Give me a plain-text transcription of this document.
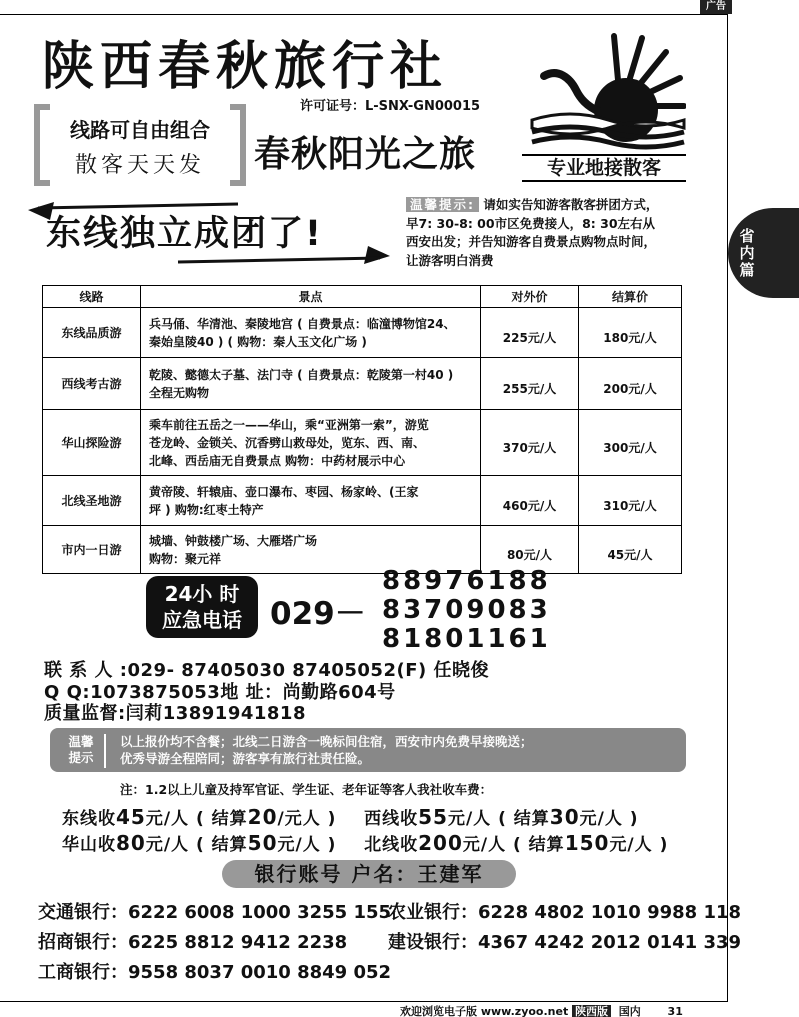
广告
省内篇
陕西春秋旅行社
许可证号：L-SNX-GN00015
线路可自由组合
散客天天发	春秋阳光之旅	专业地接散客
东线独立成团了!
温馨提示: 请如实告知游客散客拼团方式，
早7: 30-8: 00市区免费接人，8: 30左右从
西安出发；并告知游客自费景点购物点时间，
让游客明白消费
线路	景点	对外价	结算价
东线品质游	兵马俑、华清池、秦陵地宫 ( 自费景点：临潼博物馆24、
秦始皇陵40 ) ( 购物：秦人玉文化广场 )	225元/人	180元/人
西线考古游	乾陵、懿德太子墓、法门寺 ( 自费景点：乾陵第一村40 )
全程无购物	255元/人	200元/人
华山探险游	乘车前往五岳之一——华山，乘“亚洲第一索”，游览
苍龙岭、金锁关、沉香劈山救母处，览东、西、南、
北峰、西岳庙无自费景点 购物：中药材展示中心	370元/人	300元/人
北线圣地游	黄帝陵、轩辕庙、壶口瀑布、枣园、杨家岭、(王家
坪 ) 购物:红枣土特产	460元/人	310元/人
市内一日游	城墙、钟鼓楼广场、大雁塔广场
购物：聚元祥	80元/人	45元/人
24小 时
应急电话 029－
88976188
83709083
81801161
联 系 人 :029- 87405030 87405052(F) 任晓俊
Q Q:1073875053地 址：尚勤路604号
质量监督:闫莉13891941818
温馨
提示
以上报价均不含餐；北线二日游含一晚标间住宿，西安市内免费早接晚送；
优秀导游全程陪同；游客享有旅行社责任险。
注：1.2以上儿童及持军官证、学生证、老年证等客人我社收车费：
东线收45元/人 ( 结算20/元人 ) 西线收55元/人 ( 结算30元/人 )
华山收80元/人 ( 结算50元/人 ) 北线收200元/人 ( 结算150元/人 )
银行账号 户名：王建军
交通银行：6222 6008 1000 3255 155
农业银行：6228 4802 1010 9988 118
招商银行：6225 8812 9412 2238 建设银行：4367 4242 2012 0141 339
工商银行：9558 8037 0010 8849 052
欢迎浏览电子版 www.zyoo.net 陕西版 国内 31
